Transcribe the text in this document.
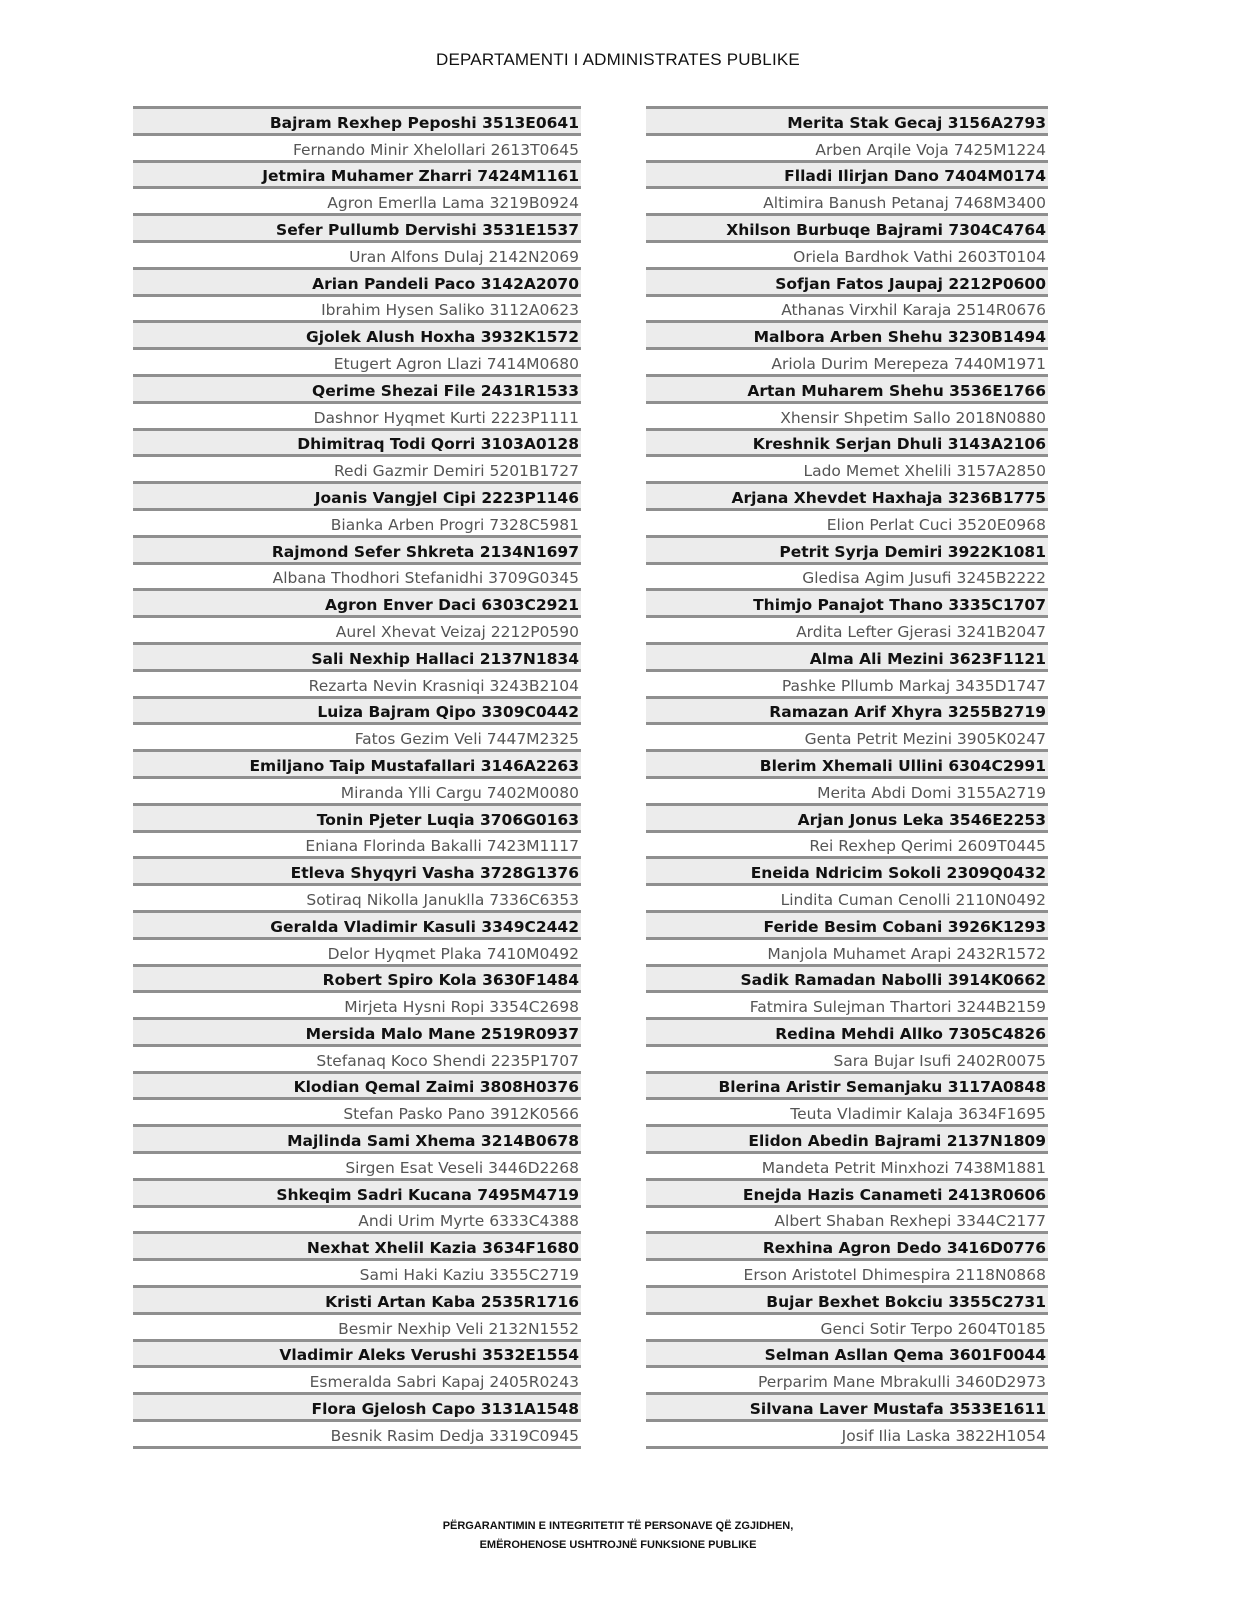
DEPARTAMENTI I ADMINISTRATES PUBLIKE
Bajram Rexhep Peposhi 3513E0641
Fernando Minir Xhelollari 2613T0645
Jetmira Muhamer Zharri 7424M1161
Agron Emerlla Lama 3219B0924
Sefer Pullumb Dervishi 3531E1537
Uran Alfons Dulaj 2142N2069
Arian Pandeli Paco 3142A2070
Ibrahim Hysen Saliko 3112A0623
Gjolek Alush Hoxha 3932K1572
Etugert Agron Llazi 7414M0680
Qerime Shezai File 2431R1533
Dashnor Hyqmet Kurti 2223P1111
Dhimitraq Todi Qorri 3103A0128
Redi Gazmir Demiri 5201B1727
Joanis Vangjel Cipi 2223P1146
Bianka Arben Progri 7328C5981
Rajmond Sefer Shkreta 2134N1697
Albana Thodhori Stefanidhi 3709G0345
Agron Enver Daci 6303C2921
Aurel Xhevat Veizaj 2212P0590
Sali Nexhip Hallaci 2137N1834
Rezarta Nevin Krasniqi 3243B2104
Luiza Bajram Qipo 3309C0442
Fatos Gezim Veli 7447M2325
Emiljano Taip Mustafallari 3146A2263
Miranda Ylli Cargu 7402M0080
Tonin Pjeter Luqia 3706G0163
Eniana Florinda Bakalli 7423M1117
Etleva Shyqyri Vasha 3728G1376
Sotiraq Nikolla Januklla 7336C6353
Geralda Vladimir Kasuli 3349C2442
Delor Hyqmet Plaka 7410M0492
Robert Spiro Kola 3630F1484
Mirjeta Hysni Ropi 3354C2698
Mersida Malo Mane 2519R0937
Stefanaq Koco Shendi 2235P1707
Klodian Qemal Zaimi 3808H0376
Stefan Pasko Pano 3912K0566
Majlinda Sami Xhema 3214B0678
Sirgen Esat Veseli 3446D2268
Shkeqim Sadri Kucana 7495M4719
Andi Urim Myrte 6333C4388
Nexhat Xhelil Kazia 3634F1680
Sami Haki Kaziu 3355C2719
Kristi Artan Kaba 2535R1716
Besmir Nexhip Veli 2132N1552
Vladimir Aleks Verushi 3532E1554
Esmeralda Sabri Kapaj 2405R0243
Flora Gjelosh Capo 3131A1548
Besnik Rasim Dedja 3319C0945
Merita Stak Gecaj 3156A2793
Arben Arqile Voja 7425M1224
Flladi Ilirjan Dano 7404M0174
Altimira Banush Petanaj 7468M3400
Xhilson Burbuqe Bajrami 7304C4764
Oriela Bardhok Vathi 2603T0104
Sofjan Fatos Jaupaj 2212P0600
Athanas Virxhil Karaja 2514R0676
Malbora Arben Shehu 3230B1494
Ariola Durim Merepeza 7440M1971
Artan Muharem Shehu 3536E1766
Xhensir Shpetim Sallo 2018N0880
Kreshnik Serjan Dhuli 3143A2106
Lado Memet Xhelili 3157A2850
Arjana Xhevdet Haxhaja 3236B1775
Elion Perlat Cuci 3520E0968
Petrit Syrja Demiri 3922K1081
Gledisa Agim Jusufi 3245B2222
Thimjo Panajot Thano 3335C1707
Ardita Lefter Gjerasi 3241B2047
Alma Ali Mezini 3623F1121
Pashke Pllumb Markaj 3435D1747
Ramazan Arif Xhyra 3255B2719
Genta Petrit Mezini 3905K0247
Blerim Xhemali Ullini 6304C2991
Merita Abdi Domi 3155A2719
Arjan Jonus Leka 3546E2253
Rei Rexhep Qerimi 2609T0445
Eneida Ndricim Sokoli 2309Q0432
Lindita Cuman Cenolli 2110N0492
Feride Besim Cobani 3926K1293
Manjola Muhamet Arapi 2432R1572
Sadik Ramadan Nabolli 3914K0662
Fatmira Sulejman Thartori 3244B2159
Redina Mehdi Allko 7305C4826
Sara Bujar Isufi 2402R0075
Blerina Aristir Semanjaku 3117A0848
Teuta Vladimir Kalaja 3634F1695
Elidon Abedin Bajrami 2137N1809
Mandeta Petrit Minxhozi 7438M1881
Enejda Hazis Canameti 2413R0606
Albert Shaban Rexhepi 3344C2177
Rexhina Agron Dedo 3416D0776
Erson Aristotel Dhimespira 2118N0868
Bujar Bexhet Bokciu 3355C2731
Genci Sotir Terpo 2604T0185
Selman Asllan Qema 3601F0044
Perparim Mane Mbrakulli 3460D2973
Silvana Laver Mustafa 3533E1611
Josif Ilia Laska 3822H1054
PËRGARANTIMIN E INTEGRITETIT TË PERSONAVE QË ZGJIDHEN,
EMËROHENOSE USHTROJNË FUNKSIONE PUBLIKE
